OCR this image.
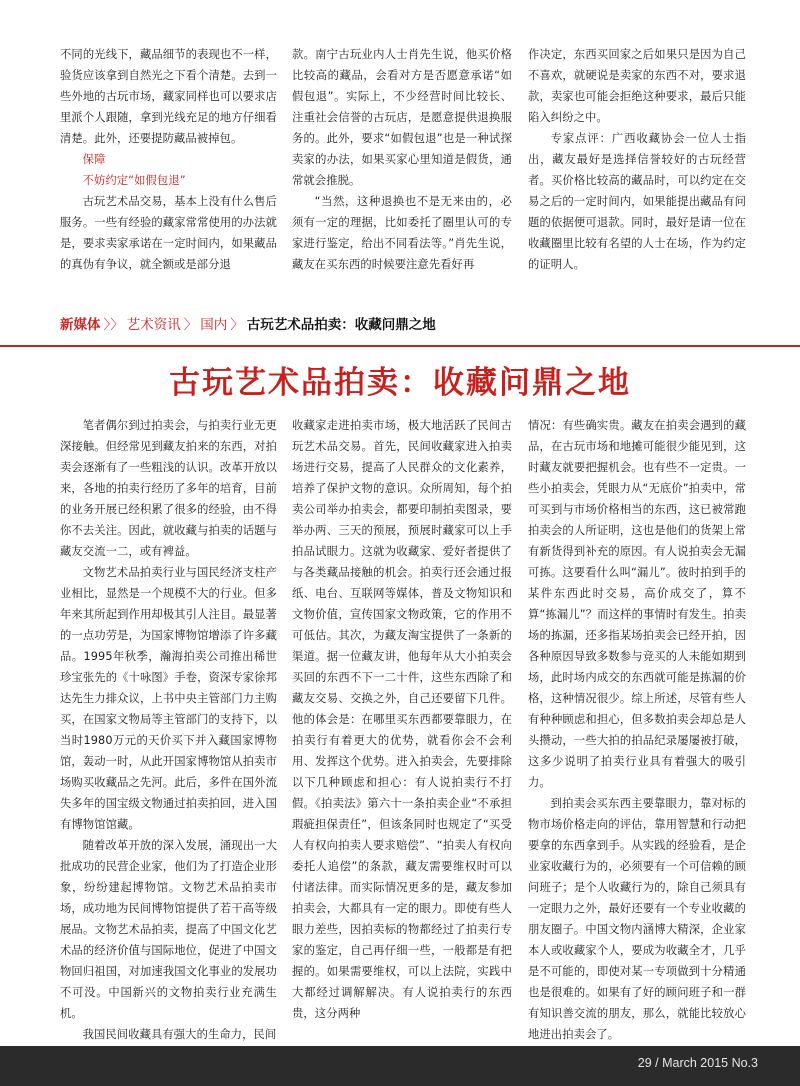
不同的光线下，藏品细节的表现也不一样，验货应该拿到自然光之下看个清楚。去到一些外地的古玩市场，藏家同样也可以要求店里派个人跟随，拿到光线充足的地方仔细看清楚。此外，还要提防藏品被掉包。

保障

不妨约定“如假包退”

古玩艺术品交易，基本上没有什么售后服务。一些有经验的藏家常常使用的办法就是，要求卖家承诺在一定时间内，如果藏品的真伪有争议，就全额或是部分退

款。南宁古玩业内人士肖先生说，他买价格比较高的藏品，会看对方是否愿意承诺“如假包退”。实际上，不少经营时间比较长、注重社会信誉的古玩店，是愿意提供退换服务的。此外，要求“如假包退”也是一种试探卖家的办法，如果买家心里知道是假货，通常就会推脱。

“当然，这种退换也不是无来由的，必须有一定的理据，比如委托了圈里认可的专家进行鉴定，给出不同看法等。”肖先生说，藏友在买东西的时候要注意先看好再

作决定，东西买回家之后如果只是因为自己不喜欢，就硬说是卖家的东西不对，要求退款，卖家也可能会拒绝这种要求，最后只能陷入纠纷之中。

专家点评：广西收藏协会一位人士指出，藏友最好是选择信誉较好的古玩经营者。买价格比较高的藏品时，可以约定在交易之后的一定时间内，如果能提出藏品有问题的依据便可退款。同时，最好是请一位在收藏圈里比较有名望的人士在场，作为约定的证明人。

新媒体 〉〉 艺术资讯 〉 国内 〉 古玩艺术品拍卖：收藏问鼎之地
古玩艺术品拍卖：收藏问鼎之地

笔者偶尔到过拍卖会，与拍卖行业无更深接触。但经常见到藏友拍来的东西，对拍卖会逐渐有了一些粗浅的认识。改革开放以来，各地的拍卖行经历了多年的培育，目前的业务开展已经积累了很多的经验，由不得你不去关注。因此，就收藏与拍卖的话题与藏友交流一二，或有裨益。

文物艺术品拍卖行业与国民经济支柱产业相比，显然是一个规模不大的行业。但多年来其所起到作用却极其引人注目。最显著的一点功劳是，为国家博物馆增添了许多藏品。1995年秋季，瀚海拍卖公司推出稀世珍宝张先的《十咏图》手卷，资深专家徐邦达先生力排众议，上书中央主管部门力主购买，在国家文物局等主管部门的支持下，以当时1980万元的天价买下并入藏国家博物馆，轰动一时，从此开国家博物馆从拍卖市场购买收藏品之先河。此后，多件在国外流失多年的国宝级文物通过拍卖拍回，进入国有博物馆馆藏。

随着改革开放的深入发展，涌现出一大批成功的民营企业家，他们为了打造企业形象，纷纷建起博物馆。文物艺术品拍卖市场，成功地为民间博物馆提供了若干高等级展品。文物艺术品拍卖，提高了中国文化艺术品的经济价值与国际地位，促进了中国文物回归祖国，对加速我国文化事业的发展功不可没。中国新兴的文物拍卖行业充满生机。

我国民间收藏具有强大的生命力，民间

收藏家走进拍卖市场，极大地活跃了民间古玩艺术品交易。首先，民间收藏家进入拍卖场进行交易，提高了人民群众的文化素养，培养了保护文物的意识。众所周知，每个拍卖公司举办拍卖会，都要印制拍卖图录，要举办两、三天的预展，预展时藏家可以上手拍品试眼力。这就为收藏家、爱好者提供了与各类藏品接触的机会。拍卖行还会通过报纸、电台、互联网等媒体，普及文物知识和文物价值，宣传国家文物政策，它的作用不可低估。其次，为藏友淘宝提供了一条新的渠道。据一位藏友讲，他每年从大小拍卖会买回的东西不下一二十件，这些东西除了和藏友交易、交换之外，自己还要留下几件。他的体会是：在哪里买东西都要靠眼力，在拍卖行有着更大的优势，就看你会不会利用、发挥这个优势。进入拍卖会，先要排除以下几种顾虑和担心：有人说拍卖行不打假。《拍卖法》第六十一条拍卖企业“不承担瑕疵担保责任”，但该条同时也规定了“买受人有权向拍卖人要求赔偿”、“拍卖人有权向委托人追偿”的条款，藏友需要维权时可以付诸法律。而实际情况更多的是，藏友参加拍卖会，大都具有一定的眼力。即使有些人眼力差些，因拍卖标的物都经过了拍卖行专家的鉴定，自己再仔细一些，一般都是有把握的。如果需要维权，可以上法院，实践中大都经过调解解决。有人说拍卖行的东西贵，这分两种

情况：有些确实贵。藏友在拍卖会遇到的藏品，在古玩市场和地摊可能很少能见到，这时藏友就要把握机会。也有些不一定贵。一些小拍卖会，凭眼力从“无底价”拍卖中，常可买到与市场价格相当的东西，这已被常跑拍卖会的人所证明，这也是他们的货架上常有新货得到补充的原因。有人说拍卖会无漏可拣。这要看什么叫“漏儿”。彼时拍到手的某件东西此时交易，高价成交了，算不算“拣漏儿”？而这样的事情时有发生。拍卖场的拣漏，还多指某场拍卖会已经开拍，因各种原因导致多数参与竞买的人未能如期到场，此时场内成交的东西就可能是拣漏的价格，这种情况很少。综上所述，尽管有些人有种种顾虑和担心，但多数拍卖会却总是人头攒动，一些大拍的拍品纪录屡屡被打破，这多少说明了拍卖行业具有着强大的吸引力。

到拍卖会买东西主要靠眼力，靠对标的物市场价格走向的评估，靠用智慧和行动把要拿的东西拿到手。从实践的经验看，是企业家收藏行为的，必须要有一个可信赖的顾问班子；是个人收藏行为的，除自己须具有一定眼力之外，最好还要有一个专业收藏的朋友圈子。中国文物内涵博大精深，企业家本人或收藏家个人，要成为收藏全才，几乎是不可能的，即使对某一专项做到十分精通也是很难的。如果有了好的顾问班子和一群有知识善交流的朋友，那么，就能比较放心地进出拍卖会了。

29 / March 2015 No.3
